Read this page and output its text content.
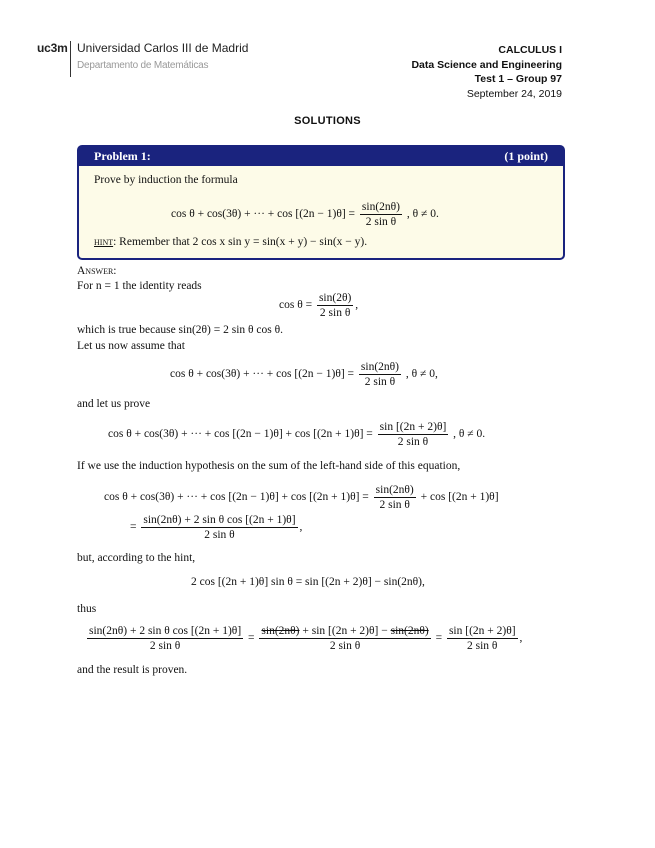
uc3m Universidad Carlos III de Madrid
Departamento de Matemáticas
CALCULUS I
Data Science and Engineering
Test 1 – Group 97
September 24, 2019
SOLUTIONS
Problem 1:	(1 point)
Prove by induction the formula
cos θ + cos(3θ) + ··· + $\cos [(2n - 1)\theta] = \frac{\sin(2n\theta)}{\text{2 sin θ}}$ , θ ≠ 0.
hint: Remember that 2 cos x sin y = sin(x + y) − sin(x − y).
Answer:
For n = 1 the identity reads
$\cos \theta = \frac{\sin(2\theta)}{\text{2 sin θ}}$ ,
which is true because sin(2θ) = 2 sin θ cos θ.
Let us now assume that
cos θ + cos(3θ) + ··· + $\cos [(2n - 1)\theta] = \frac{\sin(2n\theta)}{\text{2 sin θ}}$ , θ ≠ 0,
and let us prove
cos θ + cos(3θ) + ··· + $\cos [(2n - 1)\theta] + \cos [(2n + 1)\theta] = \frac{\sin [(2n + 2)\theta]}{\text{2 sin θ}}$ , θ ≠ 0.
If we use the induction hypothesis on the sum of the left-hand side of this equation,
cos θ + cos(3θ) + ··· + $\cos [(2n - 1)\theta] + \cos [(2n + 1)\theta] = \frac{\sin(2n\theta)}{\text{2 sin θ}} + \cos [(2n + 1)\theta]$
= $\frac{\text{sin(2nθ) + 2 sin θ cos [(2n + 1)θ]}}{\text{2 sin θ}}$ ,
but, according to the hint,
2 cos [(2n + 1)θ] sin θ = sin [(2n + 2)θ] − sin(2nθ),
thus
$\frac{\text{sin(2nθ) + 2 sin θ cos [(2n + 1)θ]}}{\text{2 sin θ}} = \frac{\sin(2n\theta) + \sin [(2n + 2)\theta] - \sin(2n\theta)}{\text{2 sin θ}} = \frac{\sin [(2n + 2)\theta]}{\text{2 sin θ}}$ ,
and the result is proven.
